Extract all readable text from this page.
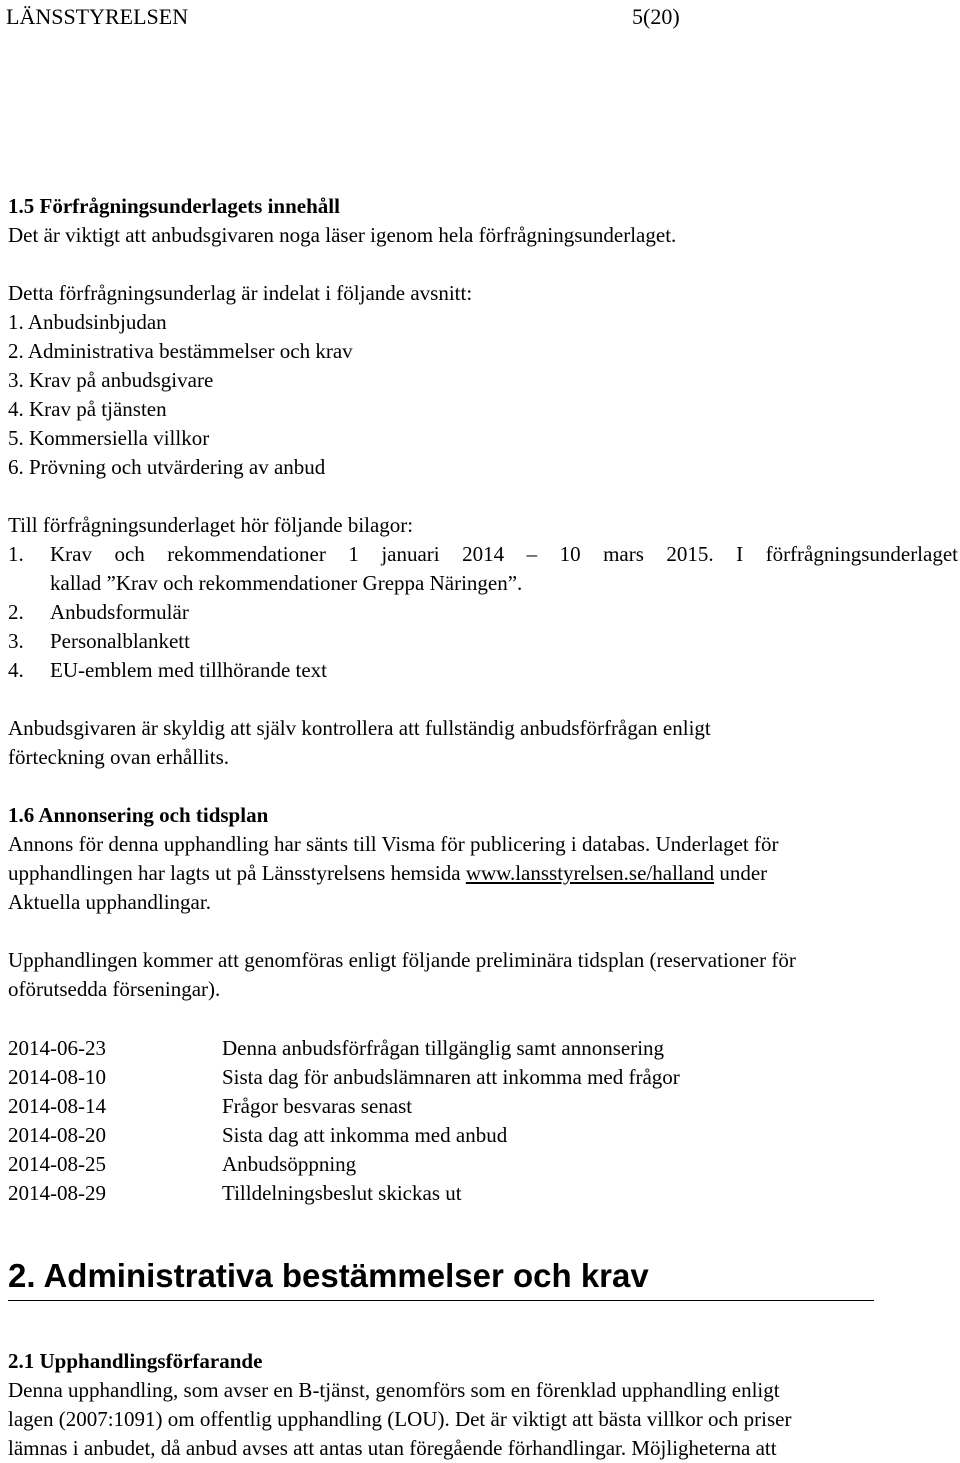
LÄNSSTYRELSEN	5(20)
1.5 Förfrågningsunderlagets innehåll
Det är viktigt att anbudsgivaren noga läser igenom hela förfrågningsunderlaget.
Detta förfrågningsunderlag är indelat i följande avsnitt:
1. Anbudsinbjudan
2. Administrativa bestämmelser och krav
3. Krav på anbudsgivare
4. Krav på tjänsten
5. Kommersiella villkor
6. Prövning och utvärdering av anbud
Till förfrågningsunderlaget hör följande bilagor:
1. Krav och rekommendationer 1 januari 2014 – 10 mars 2015. I förfrågningsunderlaget
kallad ”Krav och rekommendationer Greppa Näringen”.
2. Anbudsformulär
3. Personalblankett
4. EU-emblem med tillhörande text
Anbudsgivaren är skyldig att själv kontrollera att fullständig anbudsförfrågan enligt
förteckning ovan erhållits.
1.6 Annonsering och tidsplan
Annons för denna upphandling har sänts till Visma för publicering i databas. Underlaget för
upphandlingen har lagts ut på Länsstyrelsens hemsida www.lansstyrelsen.se/halland under
Aktuella upphandlingar.
Upphandlingen kommer att genomföras enligt följande preliminära tidsplan (reservationer för
oförutsedda förseningar).
2014-06-23	Denna anbudsförfrågan tillgänglig samt annonsering
2014-08-10	Sista dag för anbudslämnaren att inkomma med frågor
2014-08-14	Frågor besvaras senast
2014-08-20	Sista dag att inkomma med anbud
2014-08-25	Anbudsöppning
2014-08-29	Tilldelningsbeslut skickas ut
2. Administrativa bestämmelser och krav
2.1 Upphandlingsförfarande
Denna upphandling, som avser en B-tjänst, genomförs som en förenklad upphandling enligt
lagen (2007:1091) om offentlig upphandling (LOU). Det är viktigt att bästa villkor och priser
lämnas i anbudet, då anbud avses att antas utan föregående förhandlingar. Möjligheterna att
